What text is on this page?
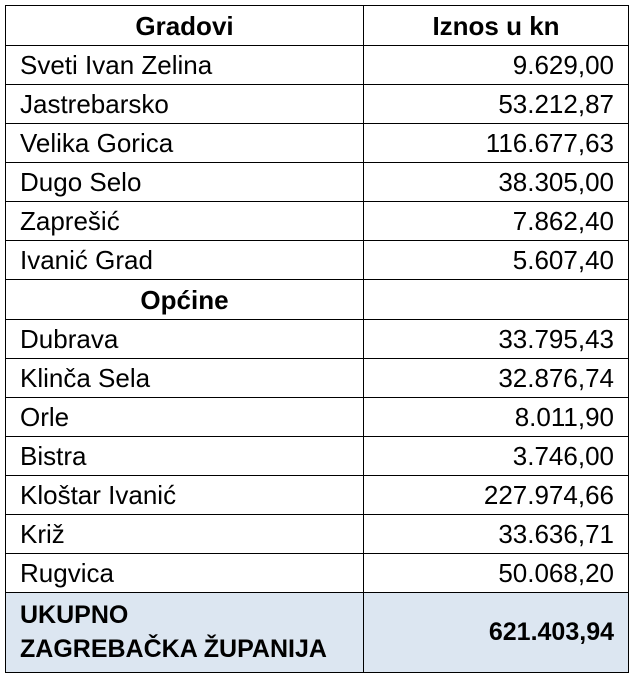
Gradovi	Iznos u kn
Sveti Ivan Zelina	9.629,00
Jastrebarsko	53.212,87
Velika Gorica	116.677,63
Dugo Selo	38.305,00
Zaprešić	7.862,40
Ivanić Grad	5.607,40
Općine	
Dubrava	33.795,43
Klinča Sela	32.876,74
Orle	8.011,90
Bistra	3.746,00
Kloštar Ivanić	227.974,66
Križ	33.636,71
Rugvica	50.068,20

UKUPNO
ZAGREBAČKA ŽUPANIJA	621.403,94
